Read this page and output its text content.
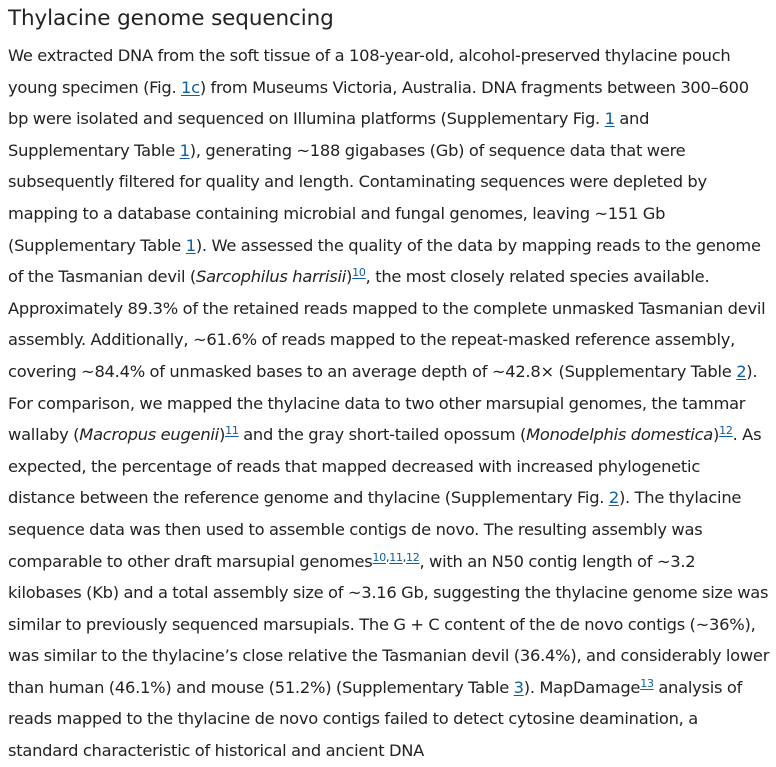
Thylacine genome sequencing

We extracted DNA from the soft tissue of a 108-year-old, alcohol-preserved thylacine pouch young specimen (Fig. 1c) from Museums Victoria, Australia. DNA fragments between 300–600 bp were isolated and sequenced on Illumina platforms (Supplementary Fig. 1 and Supplementary Table 1), generating ~188 gigabases (Gb) of sequence data that were subsequently filtered for quality and length. Contaminating sequences were depleted by mapping to a database containing microbial and fungal genomes, leaving ~151 Gb (Supplementary Table 1). We assessed the quality of the data by mapping reads to the genome of the Tasmanian devil (Sarcophilus harrisii)$^{10}$, the most closely related species available. Approximately 89.3% of the retained reads mapped to the complete unmasked Tasmanian devil assembly. Additionally, ~61.6% of reads mapped to the repeat-masked reference assembly, covering ~84.4% of unmasked bases to an average depth of ~42.8× (Supplementary Table 2). For comparison, we mapped the thylacine data to two other marsupial genomes, the tammar wallaby (Macropus eugenii)$^{11}$ and the gray short-tailed opossum (Monodelphis domestica)$^{12}$. As expected, the percentage of reads that mapped decreased with increased phylogenetic distance between the reference genome and thylacine (Supplementary Fig. 2). The thylacine sequence data was then used to assemble contigs de novo. The resulting assembly was comparable to other draft marsupial genomes$^{10,11,12}$, with an N50 contig length of ~3.2 kilobases (Kb) and a total assembly size of ~3.16 Gb, suggesting the thylacine genome size was similar to previously sequenced marsupials. The G + C content of the de novo contigs (~36%), was similar to the thylacine’s close relative the Tasmanian devil (36.4%), and considerably lower than human (46.1%) and mouse (51.2%) (Supplementary Table 3). MapDamage$^{13}$ analysis of reads mapped to the thylacine de novo contigs failed to detect cytosine deamination, a standard characteristic of historical and ancient DNA
